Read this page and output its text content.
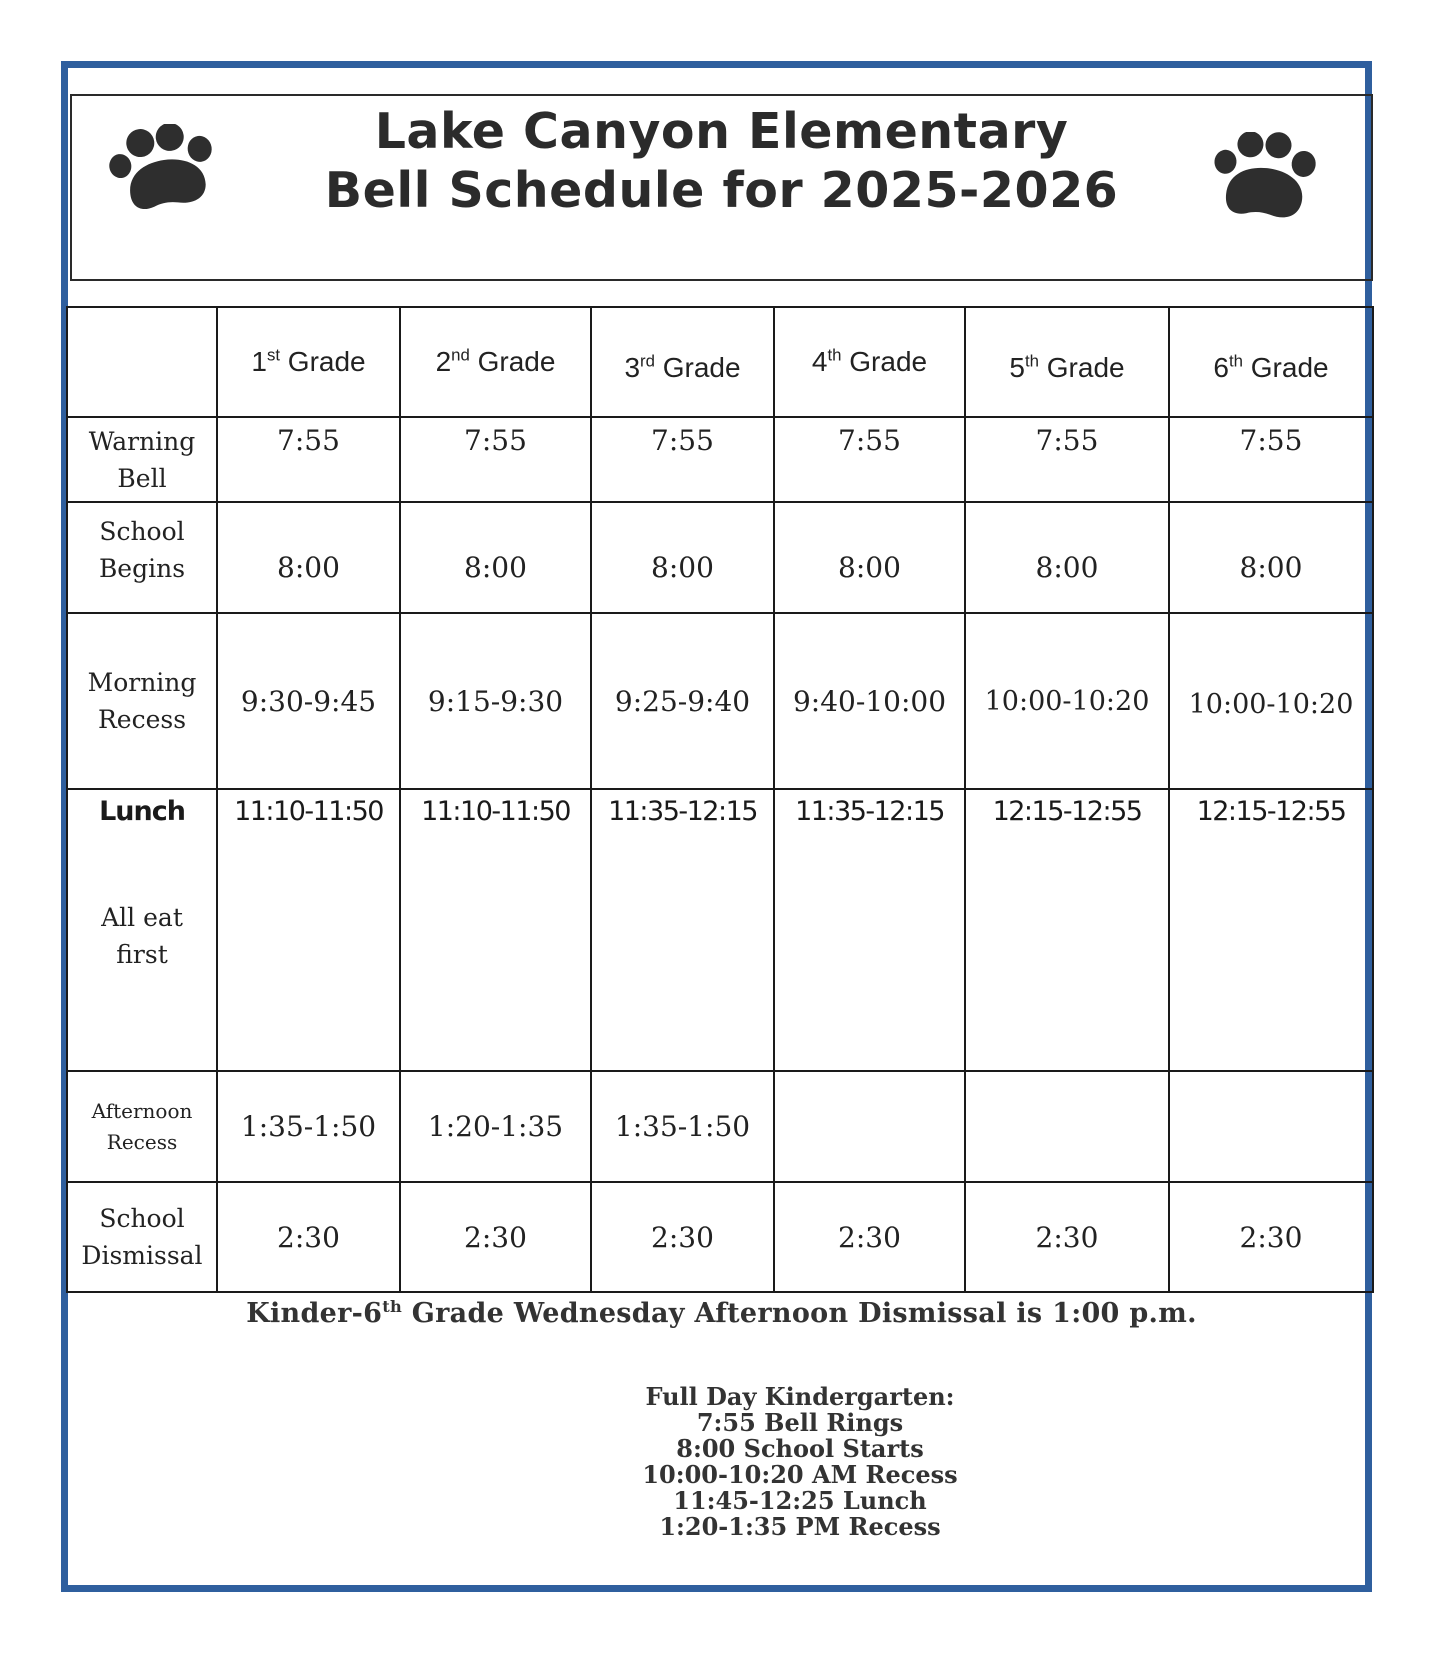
Lake Canyon Elementary
Bell Schedule for 2025-2026
	1st Grade	2nd Grade	3rd Grade	4th Grade	5th Grade	6th Grade

Warning
Bell	7:55	7:55	7:55	7:55	7:55	7:55

School
Begins	8:00	8:00	8:00	8:00	8:00	8:00

Morning
Recess	9:30-9:45	9:15-9:30	9:25-9:40	9:40-10:00	10:00-10:20	10:00-10:20

Lunch
All eat
first	11:10-11:50	11:10-11:50	11:35-12:15	11:35-12:15	12:15-12:55	12:15-12:55

Afternoon
Recess	1:35-1:50	1:20-1:35	1:35-1:50			

School
Dismissal	2:30	2:30	2:30	2:30	2:30	2:30
Kinder-6th Grade Wednesday Afternoon Dismissal is 1:00 p.m.
Full Day Kindergarten:
7:55 Bell Rings
8:00 School Starts
10:00-10:20 AM Recess
11:45-12:25 Lunch
1:20-1:35 PM Recess
